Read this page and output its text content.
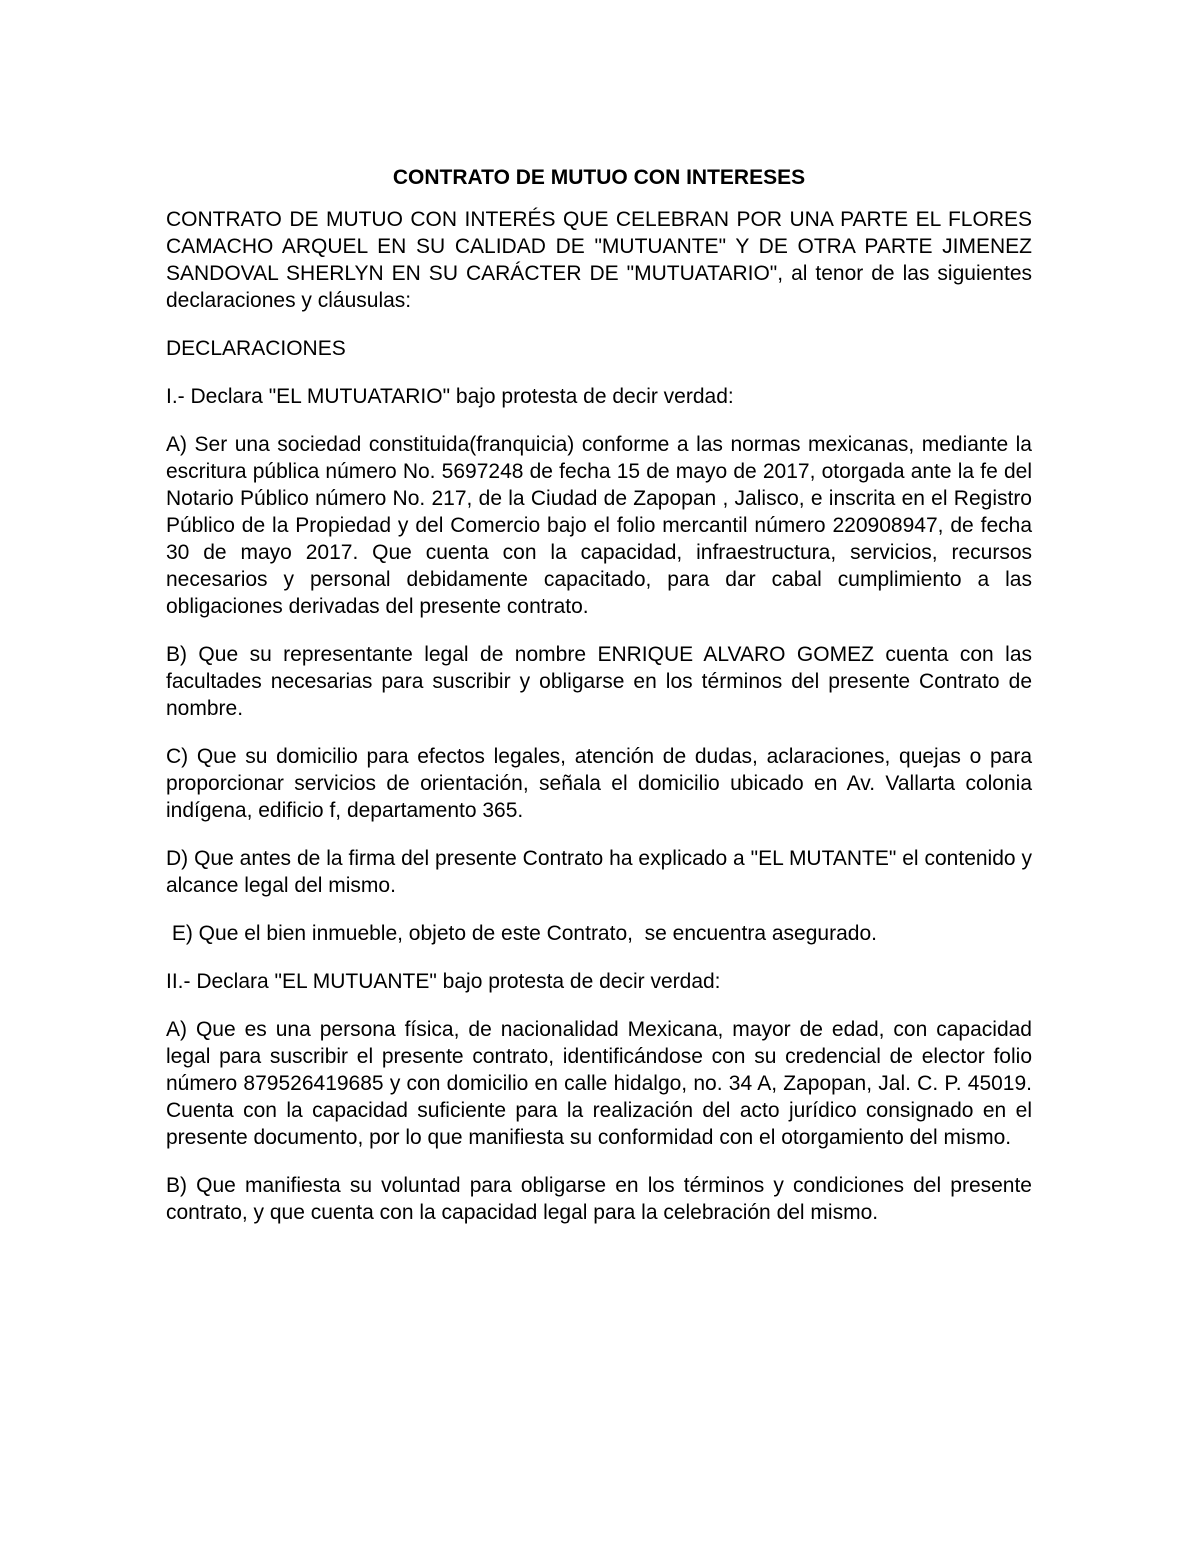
CONTRATO DE MUTUO CON INTERESES
CONTRATO DE MUTUO CON INTERÉS QUE CELEBRAN POR UNA PARTE EL FLORES CAMACHO ARQUEL EN SU CALIDAD DE "MUTUANTE" Y DE OTRA PARTE JIMENEZ SANDOVAL SHERLYN EN SU CARÁCTER DE "MUTUATARIO", al tenor de las siguientes declaraciones y cláusulas:
DECLARACIONES
I.- Declara "EL MUTUATARIO" bajo protesta de decir verdad:
A) Ser una sociedad constituida(franquicia) conforme a las normas mexicanas, mediante la escritura pública número No. 5697248 de fecha 15 de mayo de 2017, otorgada ante la fe del Notario Público número No. 217, de la Ciudad de Zapopan , Jalisco, e inscrita en el Registro Público de la Propiedad y del Comercio bajo el folio mercantil número 220908947, de fecha 30 de mayo 2017. Que cuenta con la capacidad, infraestructura, servicios, recursos necesarios y personal debidamente capacitado, para dar cabal cumplimiento a las obligaciones derivadas del presente contrato.
B) Que su representante legal de nombre ENRIQUE ALVARO GOMEZ cuenta con las facultades necesarias para suscribir y obligarse en los términos del presente Contrato de nombre.
C) Que su domicilio para efectos legales, atención de dudas, aclaraciones, quejas o para proporcionar servicios de orientación, señala el domicilio ubicado en Av. Vallarta colonia indígena, edificio f, departamento 365.
D) Que antes de la firma del presente Contrato ha explicado a "EL MUTANTE" el contenido y alcance legal del mismo.
E) Que el bien inmueble, objeto de este Contrato,  se encuentra asegurado.
II.- Declara "EL MUTUANTE" bajo protesta de decir verdad:
A) Que es una persona física, de nacionalidad Mexicana, mayor de edad, con capacidad legal para suscribir el presente contrato, identificándose con su credencial de elector folio número 879526419685 y con domicilio en calle hidalgo, no. 34 A, Zapopan, Jal. C. P. 45019. Cuenta con la capacidad suficiente para la realización del acto jurídico consignado en el presente documento, por lo que manifiesta su conformidad con el otorgamiento del mismo.
B) Que manifiesta su voluntad para obligarse en los términos y condiciones del presente contrato, y que cuenta con la capacidad legal para la celebración del mismo.
